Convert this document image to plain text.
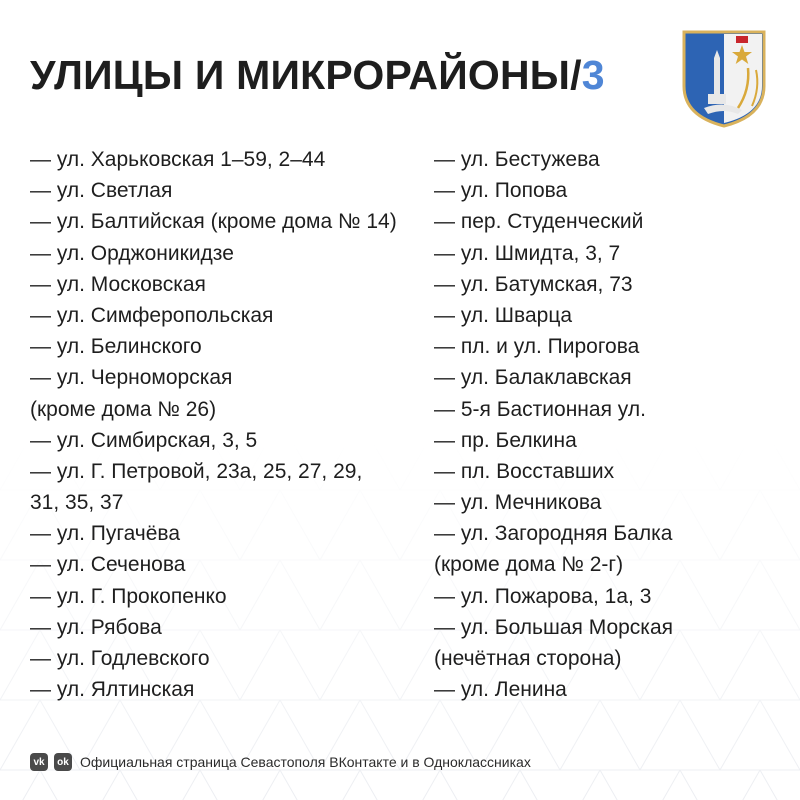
УЛИЦЫ И МИКРОРАЙОНЫ/3
— ул. Харьковская 1–59, 2–44
— ул. Светлая
— ул. Балтийская (кроме дома № 14)
— ул. Орджоникидзе
— ул. Московская
— ул. Симферопольская
— ул. Белинского
— ул. Черноморская
(кроме дома № 26)
— ул. Симбирская, 3, 5
— ул. Г. Петровой, 23а, 25, 27, 29,
31, 35, 37
— ул. Пугачёва
— ул. Сеченова
— ул. Г. Прокопенко
— ул. Рябова
— ул. Годлевского
— ул. Ялтинская
— ул. Бестужева
— ул. Попова
— пер. Студенческий
— ул. Шмидта, 3, 7
— ул. Батумская, 73
— ул. Шварца
— пл. и ул. Пирогова
— ул. Балаклавская
— 5-я Бастионная ул.
— пр. Белкина
— пл. Восставших
— ул. Мечникова
— ул. Загородняя Балка
(кроме дома № 2-г)
— ул. Пожарова, 1а, 3
— ул. Большая Морская
(нечётная сторона)
— ул. Ленина
vk	ok Официальная страница Севастополя ВКонтакте и в Одноклассниках
